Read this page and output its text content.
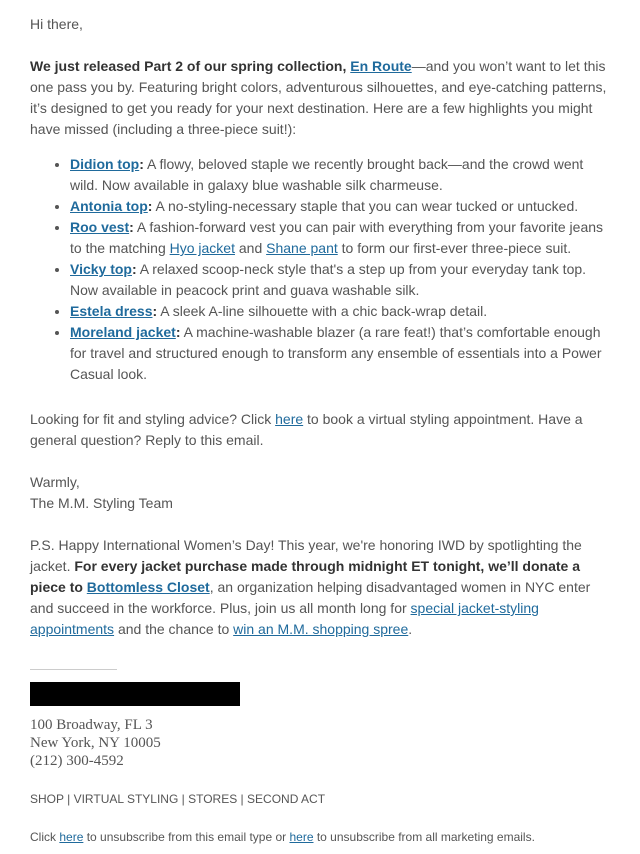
Hi there,

We just released Part 2 of our spring collection, En Route—and you won’t want to let this one pass you by. Featuring bright colors, adventurous silhouettes, and eye-catching patterns, it’s designed to get you ready for your next destination. Here are a few highlights you might have missed (including a three-piece suit!):

• Didion top: A flowy, beloved staple we recently brought back—and the crowd went wild. Now available in galaxy blue washable silk charmeuse.
• Antonia top: A no-styling-necessary staple that you can wear tucked or untucked.
• Roo vest: A fashion-forward vest you can pair with everything from your favorite jeans to the matching Hyo jacket and Shane pant to form our first-ever three-piece suit.
• Vicky top: A relaxed scoop-neck style that's a step up from your everyday tank top. Now available in peacock print and guava washable silk.
• Estela dress: A sleek A-line silhouette with a chic back-wrap detail.
• Moreland jacket: A machine-washable blazer (a rare feat!) that’s comfortable enough for travel and structured enough to transform any ensemble of essentials into a Power Casual look.

Looking for fit and styling advice? Click here to book a virtual styling appointment. Have a general question? Reply to this email.

Warmly,
The M.M. Styling Team

P.S. Happy International Women’s Day! This year, we're honoring IWD by spotlighting the jacket. For every jacket purchase made through midnight ET tonight, we’ll donate a piece to Bottomless Closet, an organization helping disadvantaged women in NYC enter and succeed in the workforce. Plus, join us all month long for special jacket-styling appointments and the chance to win an M.M. shopping spree.

100 Broadway, FL 3
New York, NY 10005
(212) 300-4592
SHOP | VIRTUAL STYLING | STORES | SECOND ACT
Click here to unsubscribe from this email type or here to unsubscribe from all marketing emails.
